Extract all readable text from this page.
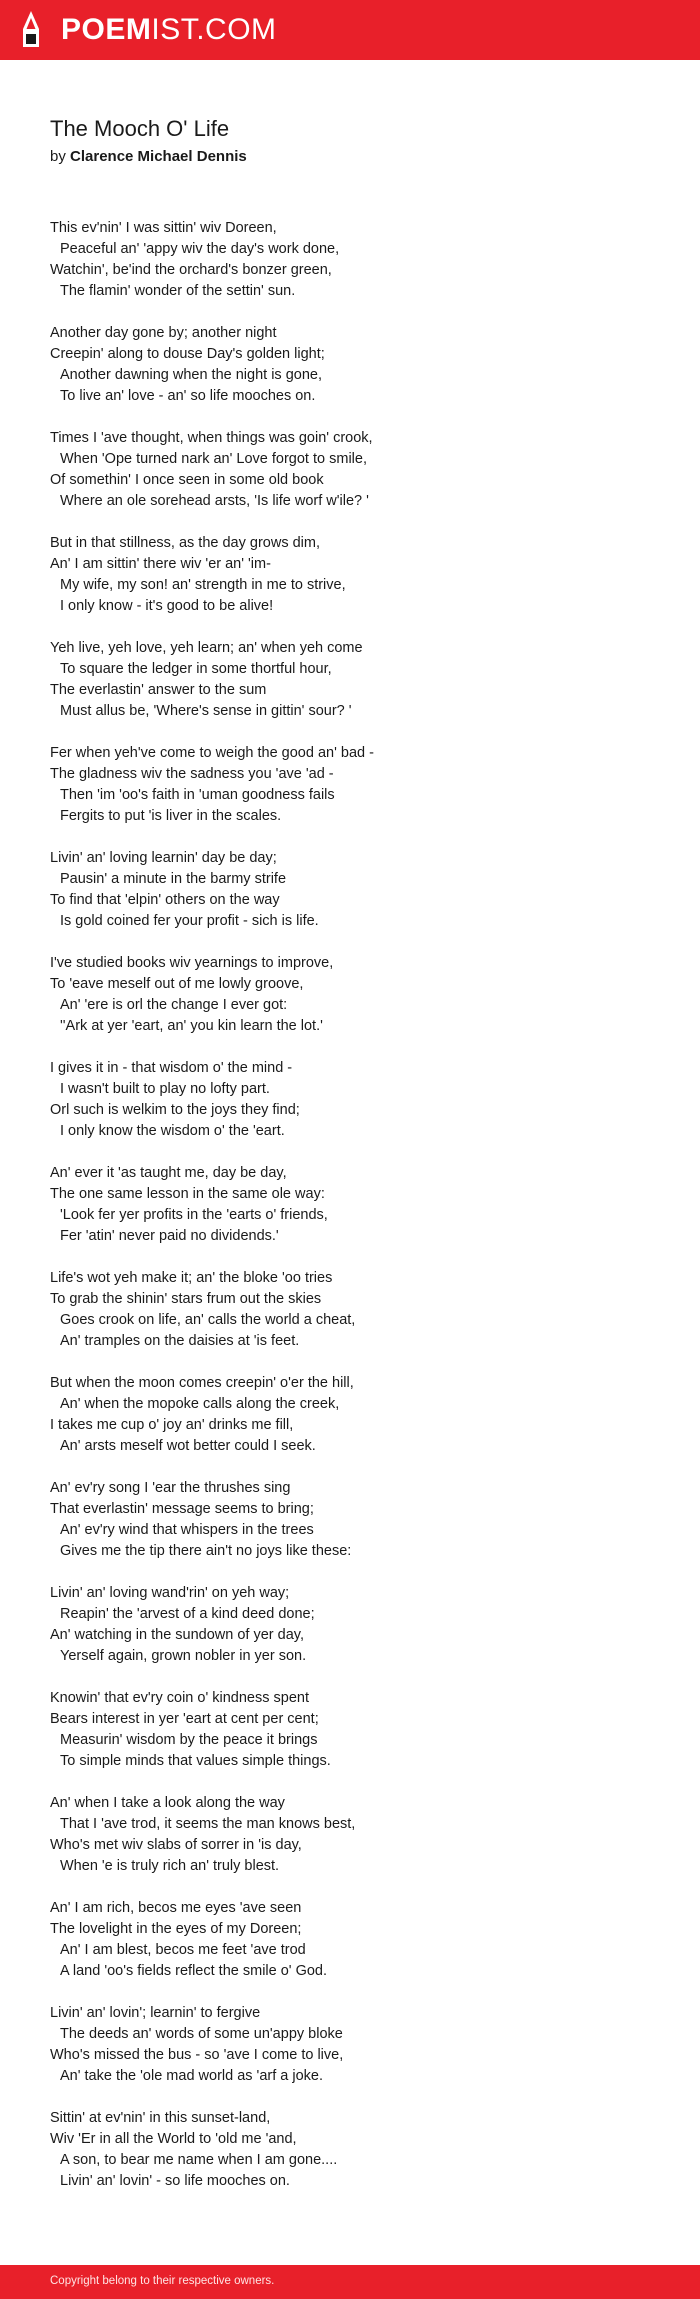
POEMIST.COM
The Mooch O' Life
by Clarence Michael Dennis
This ev'nin' I was sittin' wiv Doreen,
Peaceful an' 'appy wiv the day's work done,
Watchin', be'ind the orchard's bonzer green,
The flamin' wonder of the settin' sun.
Another day gone by; another night
Creepin' along to douse Day's golden light;
Another dawning when the night is gone,
To live an' love - an' so life mooches on.
Times I 'ave thought, when things was goin' crook,
When 'Ope turned nark an' Love forgot to smile,
Of somethin' I once seen in some old book
Where an ole sorehead arsts, 'Is life worf w'ile? '
But in that stillness, as the day grows dim,
An' I am sittin' there wiv 'er an' 'im-
My wife, my son! an' strength in me to strive,
I only know - it's good to be alive!
Yeh live, yeh love, yeh learn; an' when yeh come
To square the ledger in some thortful hour,
The everlastin' answer to the sum
Must allus be, 'Where's sense in gittin' sour? '
Fer when yeh've come to weigh the good an' bad -
The gladness wiv the sadness you 'ave 'ad -
Then 'im 'oo's faith in 'uman goodness fails
Fergits to put 'is liver in the scales.
Livin' an' loving learnin' day be day;
Pausin' a minute in the barmy strife
To find that 'elpin' others on the way
Is gold coined fer your profit - sich is life.
I've studied books wiv yearnings to improve,
To 'eave meself out of me lowly groove,
An' 'ere is orl the change I ever got:
''Ark at yer 'eart, an' you kin learn the lot.'
I gives it in - that wisdom o' the mind -
I wasn't built to play no lofty part.
Orl such is welkim to the joys they find;
I only know the wisdom o' the 'eart.
An' ever it 'as taught me, day be day,
The one same lesson in the same ole way:
'Look fer yer profits in the 'earts o' friends,
Fer 'atin' never paid no dividends.'
Life's wot yeh make it; an' the bloke 'oo tries
To grab the shinin' stars frum out the skies
Goes crook on life, an' calls the world a cheat,
An' tramples on the daisies at 'is feet.
But when the moon comes creepin' o'er the hill,
An' when the mopoke calls along the creek,
I takes me cup o' joy an' drinks me fill,
An' arsts meself wot better could I seek.
An' ev'ry song I 'ear the thrushes sing
That everlastin' message seems to bring;
An' ev'ry wind that whispers in the trees
Gives me the tip there ain't no joys like these:
Livin' an' loving wand'rin' on yeh way;
Reapin' the 'arvest of a kind deed done;
An' watching in the sundown of yer day,
Yerself again, grown nobler in yer son.
Knowin' that ev'ry coin o' kindness spent
Bears interest in yer 'eart at cent per cent;
Measurin' wisdom by the peace it brings
To simple minds that values simple things.
An' when I take a look along the way
That I 'ave trod, it seems the man knows best,
Who's met wiv slabs of sorrer in 'is day,
When 'e is truly rich an' truly blest.
An' I am rich, becos me eyes 'ave seen
The lovelight in the eyes of my Doreen;
An' I am blest, becos me feet 'ave trod
A land 'oo's fields reflect the smile o' God.
Livin' an' lovin'; learnin' to fergive
The deeds an' words of some un'appy bloke
Who's missed the bus - so 'ave I come to live,
An' take the 'ole mad world as 'arf a joke.
Sittin' at ev'nin' in this sunset-land,
Wiv 'Er in all the World to 'old me 'and,
A son, to bear me name when I am gone....
Livin' an' lovin' - so life mooches on.
Copyright belong to their respective owners.
